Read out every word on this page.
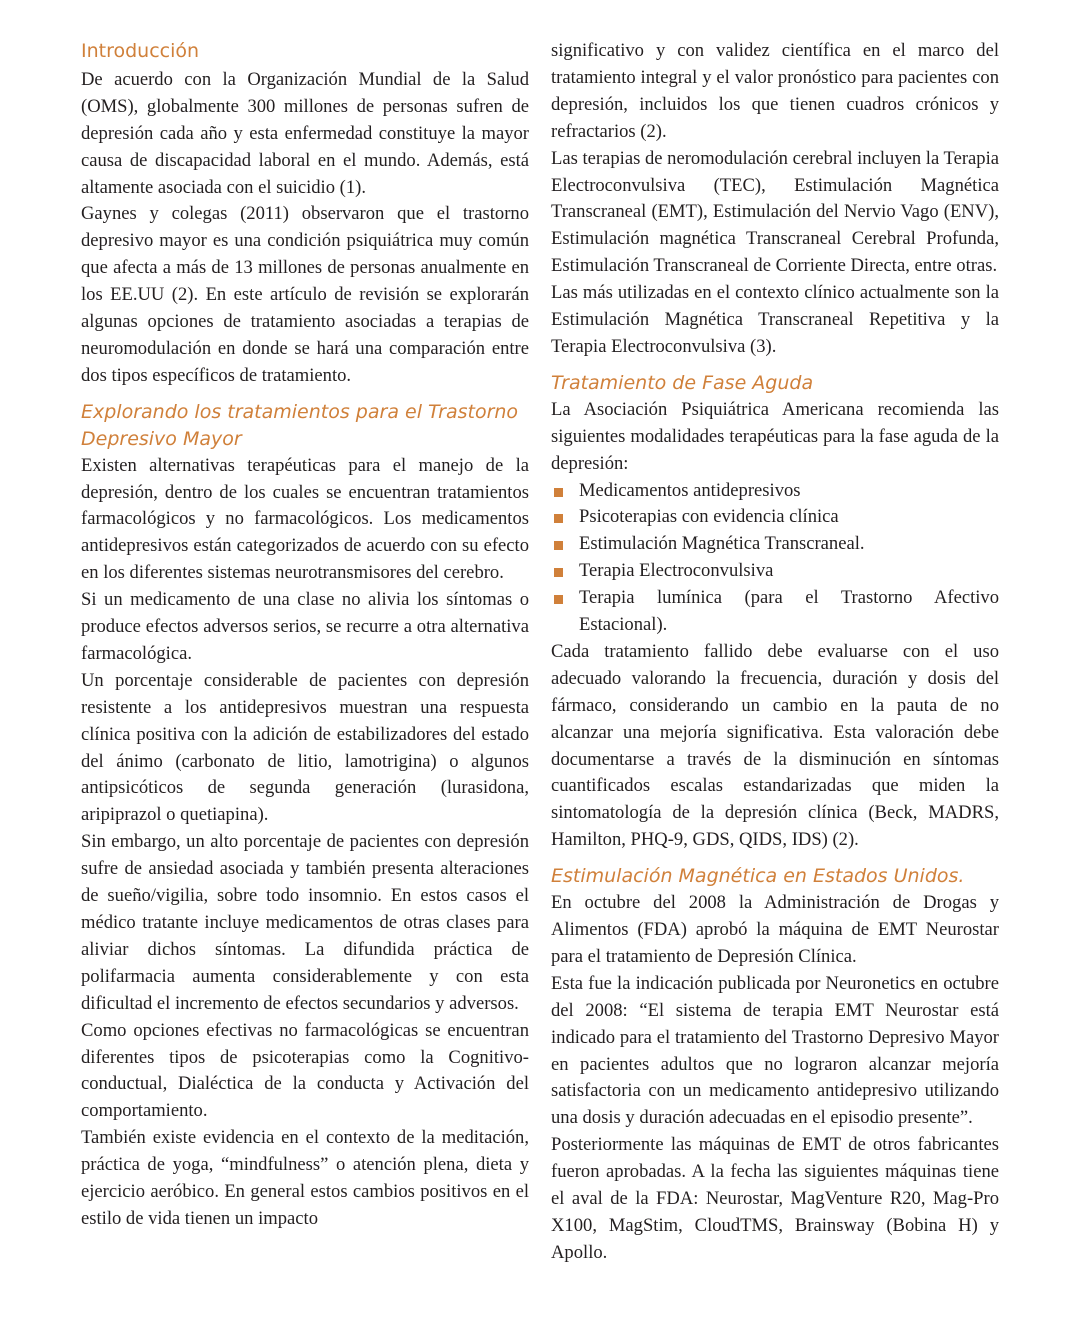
Introducción

De acuerdo con la Organización Mundial de la Salud (OMS), globalmente 300 millones de personas sufren de depresión cada año y esta enfermedad constituye la mayor causa de discapacidad laboral en el mundo. Además, está altamente asociada con el suicidio (1).

Gaynes y colegas (2011) observaron que el trastorno depresivo mayor es una condición psiquiátrica muy común que afecta a más de 13 millones de personas anualmente en los EE.UU (2). En este artículo de revisión se explorarán algunas opciones de tratamiento asociadas a terapias de neuromodulación en donde se hará una comparación entre dos tipos específicos de tratamiento.

Explorando los tratamientos para el Trastorno Depresivo Mayor

Existen alternativas terapéuticas para el manejo de la depresión, dentro de los cuales se encuentran tratamientos farmacológicos y no farmacológicos. Los medicamentos antidepresivos están categorizados de acuerdo con su efecto en los diferentes sistemas neurotransmisores del cerebro.

Si un medicamento de una clase no alivia los síntomas o produce efectos adversos serios, se recurre a otra alternativa farmacológica.

Un porcentaje considerable de pacientes con depresión resistente a los antidepresivos muestran una respuesta clínica positiva con la adición de estabilizadores del estado del ánimo (carbonato de litio, lamotrigina) o algunos antipsicóticos de segunda generación (lurasidona, aripiprazol o quetiapina).

Sin embargo, un alto porcentaje de pacientes con depresión sufre de ansiedad asociada y también presenta alteraciones de sueño/vigilia, sobre todo insomnio. En estos casos el médico tratante incluye medicamentos de otras clases para aliviar dichos síntomas. La difundida práctica de polifarmacia aumenta considerablemente y con esta dificultad el incremento de efectos secundarios y adversos.

Como opciones efectivas no farmacológicas se encuentran diferentes tipos de psicoterapias como la Cognitivo-conductual, Dialéctica de la conducta y Activación del comportamiento.

También existe evidencia en el contexto de la meditación, práctica de yoga, “mindfulness” o atención plena, dieta y ejercicio aeróbico. En general estos cambios positivos en el estilo de vida tienen un impacto

significativo y con validez científica en el marco del tratamiento integral y el valor pronóstico para pacientes con depresión, incluidos los que tienen cuadros crónicos y refractarios (2).

Las terapias de neromodulación cerebral incluyen la Terapia Electroconvulsiva (TEC), Estimulación Magnética Transcraneal (EMT), Estimulación del Nervio Vago (ENV), Estimulación magnética Transcraneal Cerebral Profunda, Estimulación Transcraneal de Corriente Directa, entre otras.

Las más utilizadas en el contexto clínico actualmente son la Estimulación Magnética Transcraneal Repetitiva y la Terapia Electroconvulsiva (3).

Tratamiento de Fase Aguda

La Asociación Psiquiátrica Americana recomienda las siguientes modalidades terapéuticas para la fase aguda de la depresión:

Medicamentos antidepresivos
Psicoterapias con evidencia clínica
Estimulación Magnética Transcraneal.
Terapia Electroconvulsiva
Terapia lumínica (para el Trastorno Afectivo Estacional).

Cada tratamiento fallido debe evaluarse con el uso adecuado valorando la frecuencia, duración y dosis del fármaco, considerando un cambio en la pauta de no alcanzar una mejoría significativa. Esta valoración debe documentarse a través de la disminución en síntomas cuantificados escalas estandarizadas que miden la sintomatología de la depresión clínica (Beck, MADRS, Hamilton, PHQ-9, GDS, QIDS, IDS) (2).

Estimulación Magnética en Estados Unidos.

En octubre del 2008 la Administración de Drogas y Alimentos (FDA) aprobó la máquina de EMT Neurostar para el tratamiento de Depresión Clínica.

Esta fue la indicación publicada por Neuronetics en octubre del 2008: “El sistema de terapia EMT Neurostar está indicado para el tratamiento del Trastorno Depresivo Mayor en pacientes adultos que no lograron alcanzar mejoría satisfactoria con un medicamento antidepresivo utilizando una dosis y duración adecuadas en el episodio presente”.

Posteriormente las máquinas de EMT de otros fabricantes fueron aprobadas. A la fecha las siguientes máquinas tiene el aval de la FDA: Neurostar, MagVenture R20, Mag-Pro X100, MagStim, CloudTMS, Brainsway (Bobina H) y Apollo.
